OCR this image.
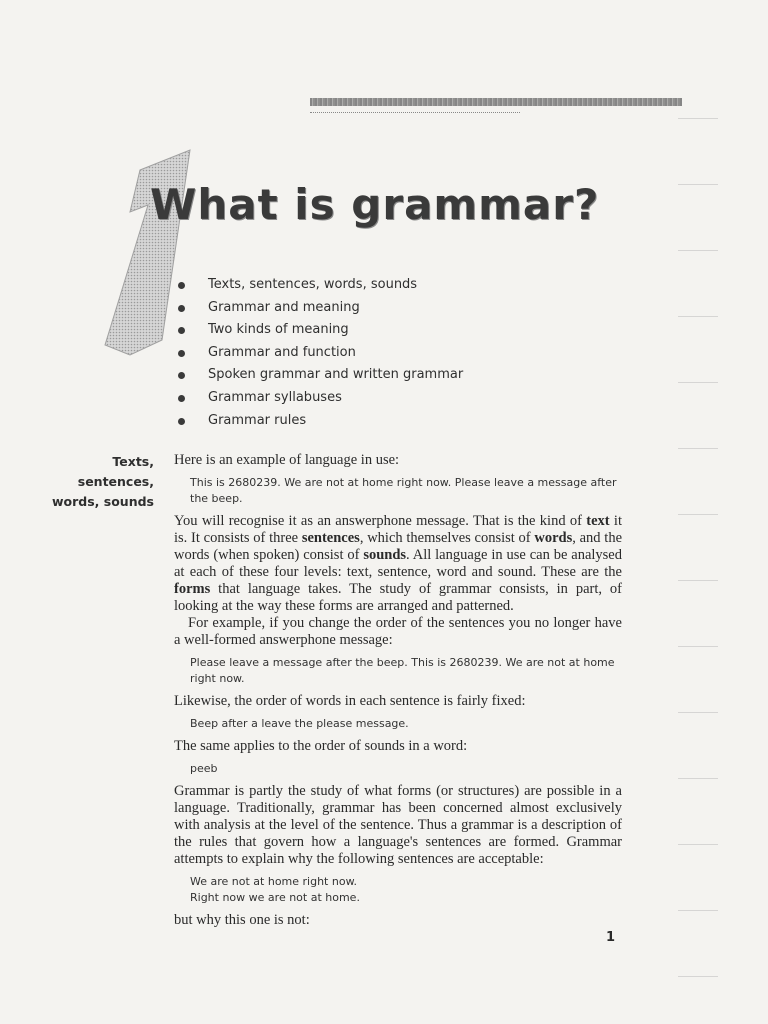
1
What is grammar?
Texts, sentences, words, sounds
Grammar and meaning
Two kinds of meaning
Grammar and function
Spoken grammar and written grammar
Grammar syllabuses
Grammar rules
Texts,
sentences,
words, sounds

Here is an example of language in use:

This is 2680239. We are not at home right now. Please leave a message after the beep.

You will recognise it as an answerphone message. That is the kind of text it is. It consists of three sentences, which themselves consist of words, and the words (when spoken) consist of sounds. All language in use can be analysed at each of these four levels: text, sentence, word and sound. These are the forms that language takes. The study of grammar consists, in part, of looking at the way these forms are arranged and patterned.

For example, if you change the order of the sentences you no longer have a well-formed answerphone message:

Please leave a message after the beep. This is 2680239. We are not at home right now.

Likewise, the order of words in each sentence is fairly fixed:

Beep after a leave the please message.

The same applies to the order of sounds in a word:

peeb

Grammar is partly the study of what forms (or structures) are possible in a language. Traditionally, grammar has been concerned almost exclusively with analysis at the level of the sentence. Thus a grammar is a description of the rules that govern how a language's sentences are formed. Grammar attempts to explain why the following sentences are acceptable:

We are not at home right now.
Right now we are not at home.

but why this one is not:

1
